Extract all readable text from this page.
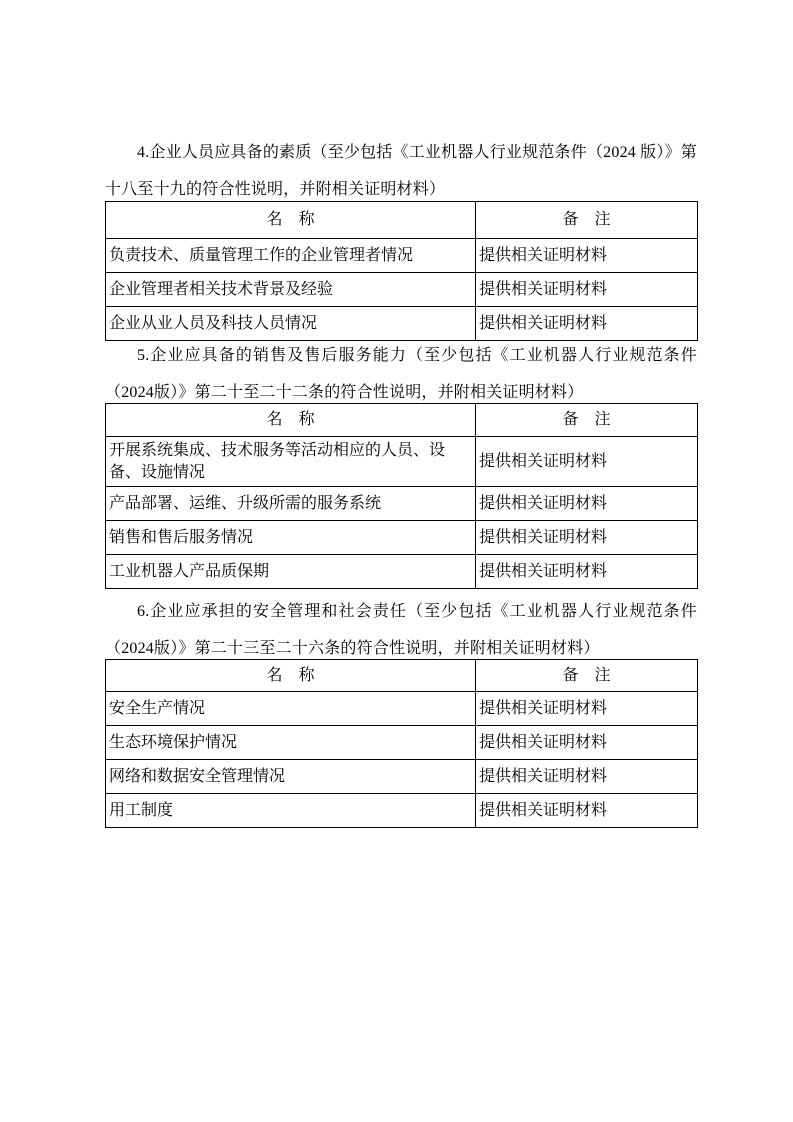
4.企业人员应具备的素质（至少包括《工业机器人行业规范条件（2024 版）》第十八至十九的符合性说明，并附相关证明材料）

名　称	备　注
负责技术、质量管理工作的企业管理者情况	提供相关证明材料
企业管理者相关技术背景及经验	提供相关证明材料
企业从业人员及科技人员情况	提供相关证明材料

5.企业应具备的销售及售后服务能力（至少包括《工业机器人行业规范条件（2024版）》第二十至二十二条的符合性说明，并附相关证明材料）

名　称	备　注
开展系统集成、技术服务等活动相应的人员、设备、设施情况	提供相关证明材料
产品部署、运维、升级所需的服务系统	提供相关证明材料
销售和售后服务情况	提供相关证明材料
工业机器人产品质保期	提供相关证明材料

6.企业应承担的安全管理和社会责任（至少包括《工业机器人行业规范条件（2024版）》第二十三至二十六条的符合性说明，并附相关证明材料）

名　称	备　注
安全生产情况	提供相关证明材料
生态环境保护情况	提供相关证明材料
网络和数据安全管理情况	提供相关证明材料
用工制度	提供相关证明材料
